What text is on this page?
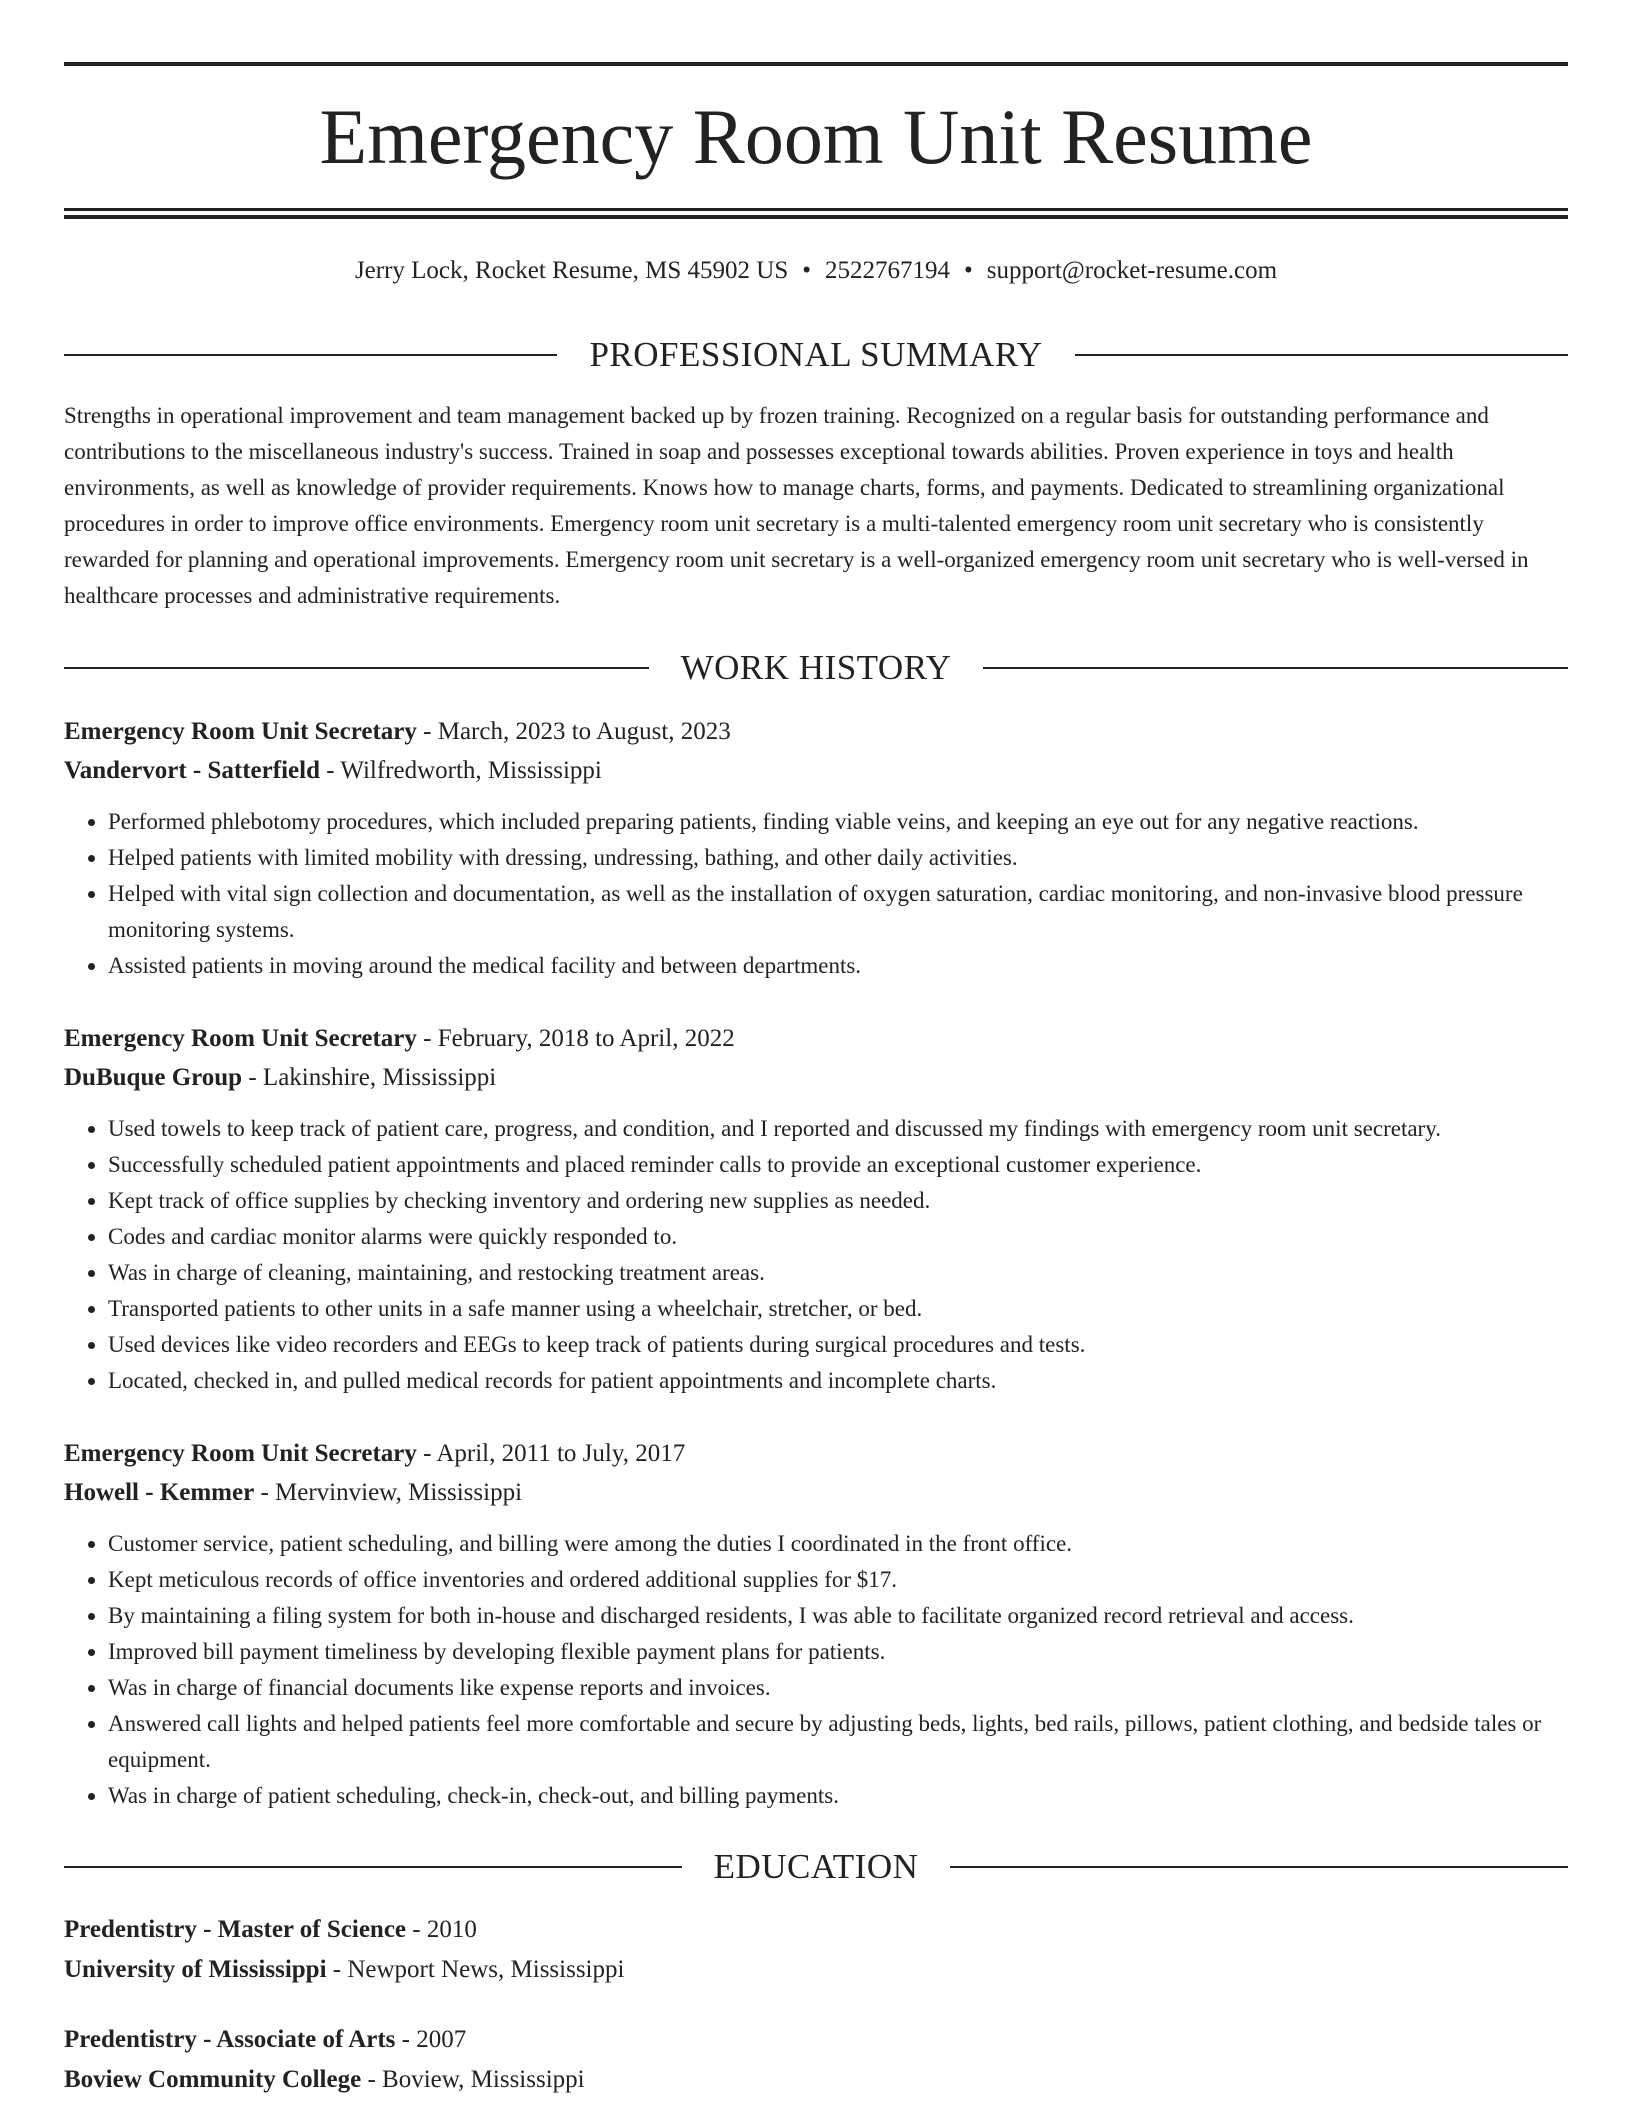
Emergency Room Unit Resume
Jerry Lock, Rocket Resume, MS 45902 US • 2522767194 • support@rocket-resume.com
PROFESSIONAL SUMMARY

Strengths in operational improvement and team management backed up by frozen training. Recognized on a regular basis for outstanding performance and contributions to the miscellaneous industry's success. Trained in soap and possesses exceptional towards abilities. Proven experience in toys and health environments, as well as knowledge of provider requirements. Knows how to manage charts, forms, and payments. Dedicated to streamlining organizational procedures in order to improve office environments. Emergency room unit secretary is a multi-talented emergency room unit secretary who is consistently rewarded for planning and operational improvements. Emergency room unit secretary is a well-organized emergency room unit secretary who is well-versed in healthcare processes and administrative requirements.

WORK HISTORY

Emergency Room Unit Secretary - March, 2023 to August, 2023

Vandervort - Satterfield - Wilfredworth, Mississippi

• Performed phlebotomy procedures, which included preparing patients, finding viable veins, and keeping an eye out for any negative reactions.
• Helped patients with limited mobility with dressing, undressing, bathing, and other daily activities.
• Helped with vital sign collection and documentation, as well as the installation of oxygen saturation, cardiac monitoring, and non-invasive blood pressure monitoring systems.
• Assisted patients in moving around the medical facility and between departments.

Emergency Room Unit Secretary - February, 2018 to April, 2022

DuBuque Group - Lakinshire, Mississippi

• Used towels to keep track of patient care, progress, and condition, and I reported and discussed my findings with emergency room unit secretary.
• Successfully scheduled patient appointments and placed reminder calls to provide an exceptional customer experience.
• Kept track of office supplies by checking inventory and ordering new supplies as needed.
• Codes and cardiac monitor alarms were quickly responded to.
• Was in charge of cleaning, maintaining, and restocking treatment areas.
• Transported patients to other units in a safe manner using a wheelchair, stretcher, or bed.
• Used devices like video recorders and EEGs to keep track of patients during surgical procedures and tests.
• Located, checked in, and pulled medical records for patient appointments and incomplete charts.

Emergency Room Unit Secretary - April, 2011 to July, 2017

Howell - Kemmer - Mervinview, Mississippi

• Customer service, patient scheduling, and billing were among the duties I coordinated in the front office.
• Kept meticulous records of office inventories and ordered additional supplies for $17.
• By maintaining a filing system for both in-house and discharged residents, I was able to facilitate organized record retrieval and access.
• Improved bill payment timeliness by developing flexible payment plans for patients.
• Was in charge of financial documents like expense reports and invoices.
• Answered call lights and helped patients feel more comfortable and secure by adjusting beds, lights, bed rails, pillows, patient clothing, and bedside tales or equipment.
• Was in charge of patient scheduling, check-in, check-out, and billing payments.
EDUCATION

Predentistry - Master of Science - 2010

University of Mississippi - Newport News, Mississippi

Predentistry - Associate of Arts - 2007

Boview Community College - Boview, Mississippi
